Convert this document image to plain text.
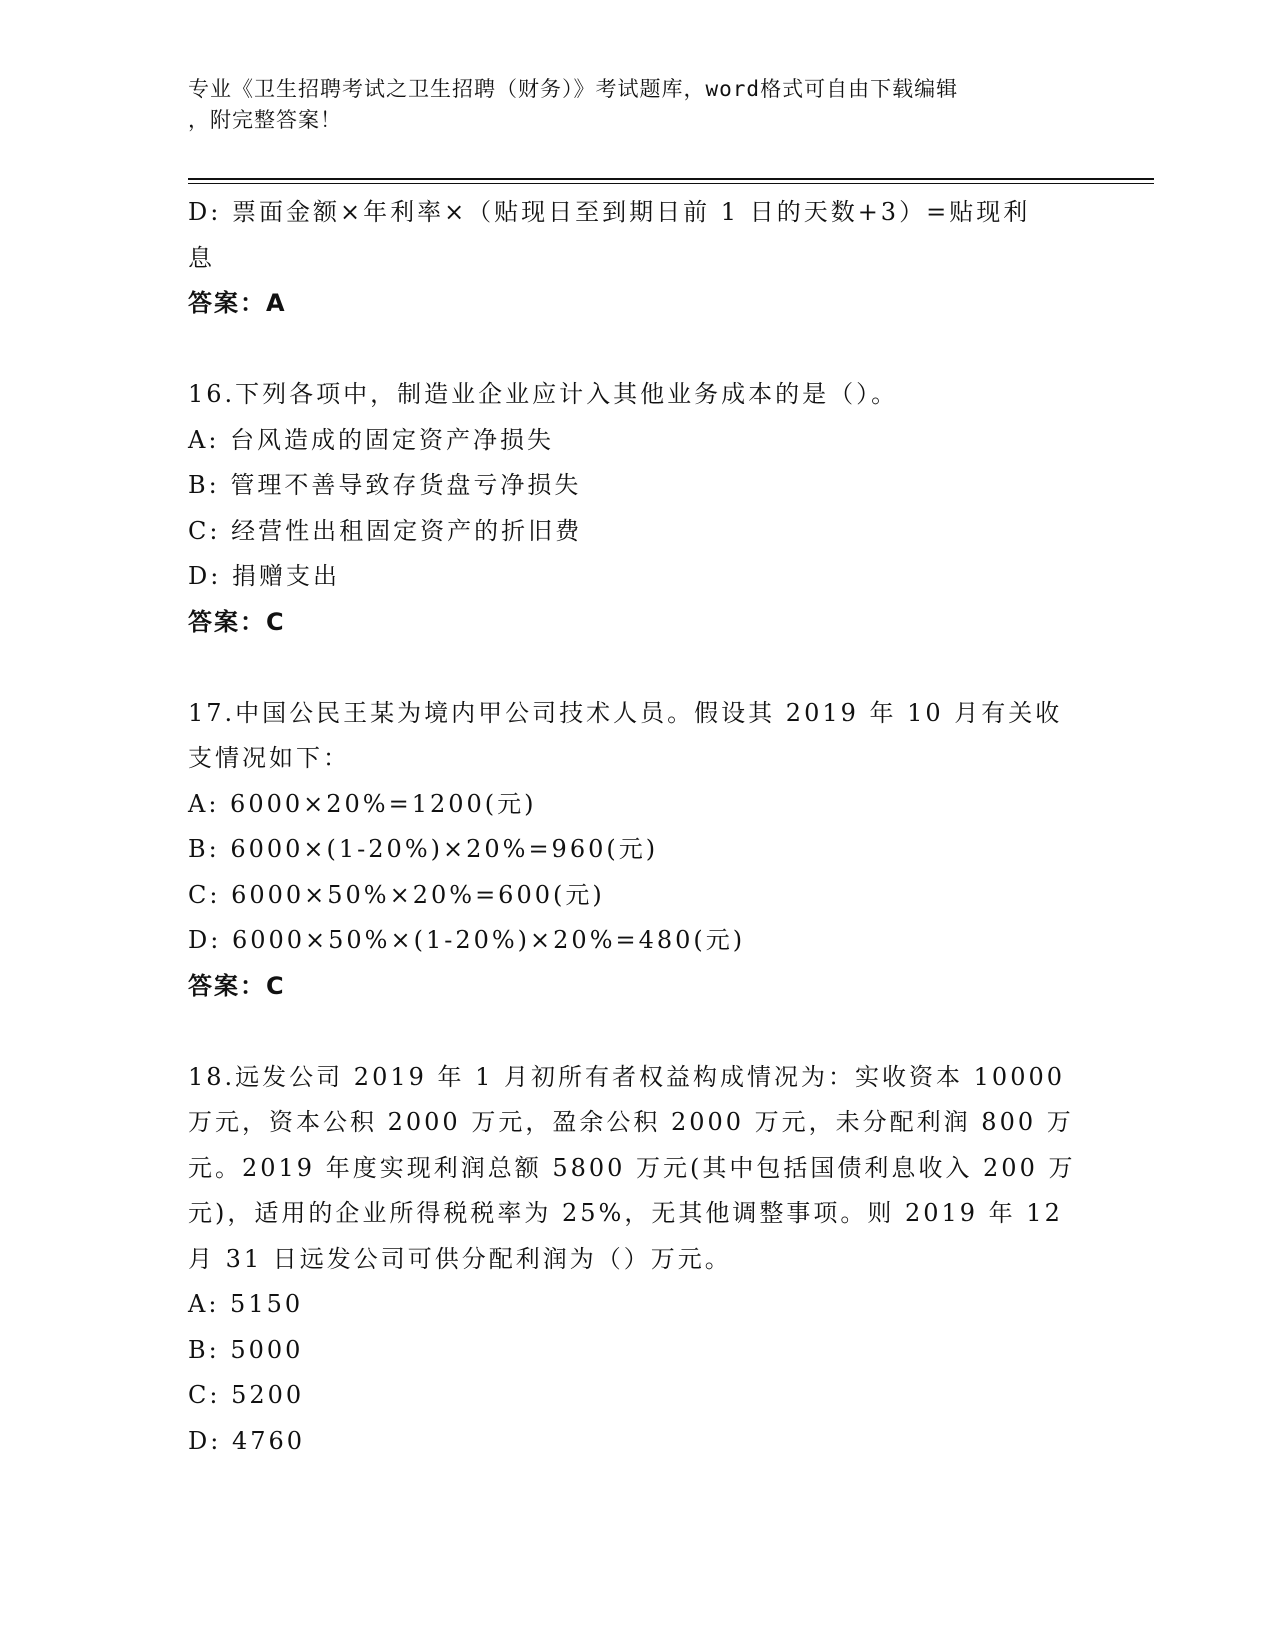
专业《卫生招聘考试之卫生招聘（财务）》考试题库，word格式可自由下载编辑
，附完整答案！
D: 票面金额×年利率×（贴现日至到期日前 1 日的天数+3）=贴现利
息
答案：A
16.下列各项中，制造业企业应计入其他业务成本的是（）。
A: 台风造成的固定资产净损失
B: 管理不善导致存货盘亏净损失
C: 经营性出租固定资产的折旧费
D: 捐赠支出
答案：C
17.中国公民王某为境内甲公司技术人员。假设其 2019 年 10 月有关收
支情况如下：
A: 6000×20%=1200(元)
B: 6000×(1-20%)×20%=960(元)
C: 6000×50%×20%=600(元)
D: 6000×50%×(1-20%)×20%=480(元)
答案：C
18.远发公司 2019 年 1 月初所有者权益构成情况为：实收资本 10000
万元，资本公积 2000 万元，盈余公积 2000 万元，未分配利润 800 万
元。2019 年度实现利润总额 5800 万元(其中包括国债利息收入 200 万
元)，适用的企业所得税税率为 25%，无其他调整事项。则 2019 年 12
月 31 日远发公司可供分配利润为（）万元。
A: 5150
B: 5000
C: 5200
D: 4760
